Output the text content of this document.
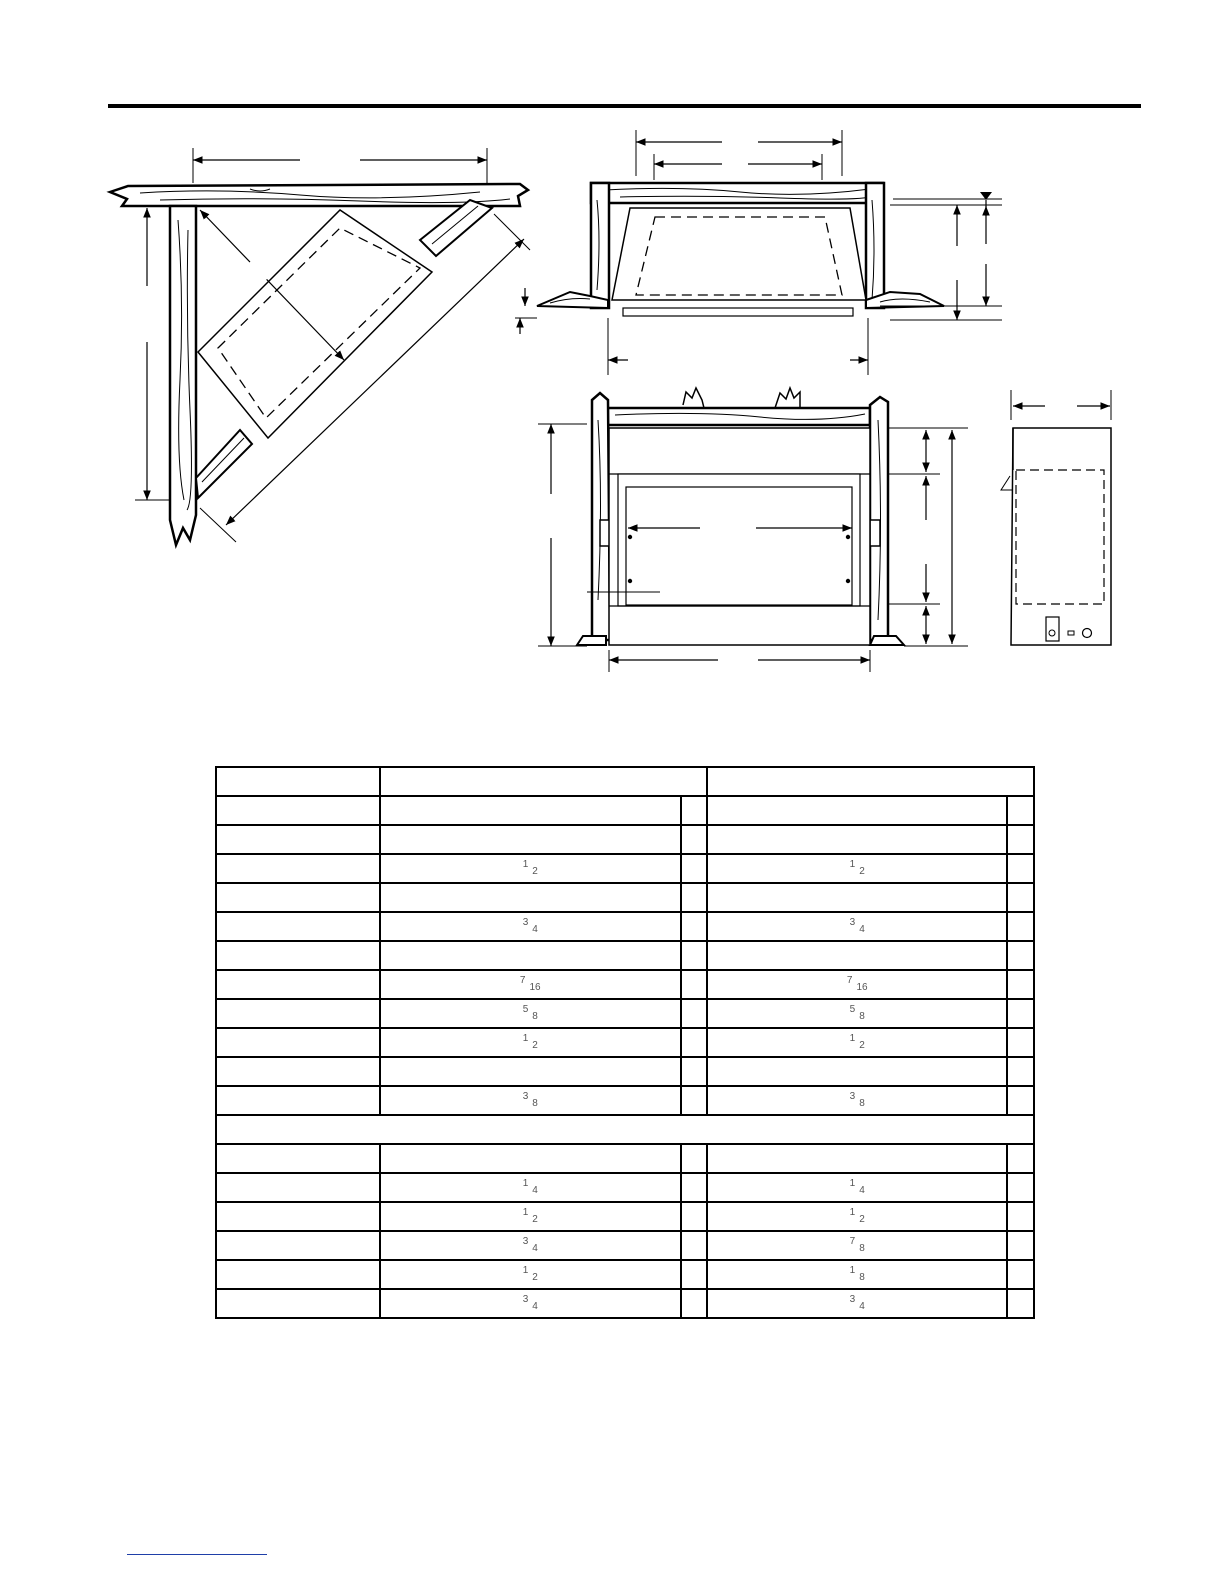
	12		12	

	34		34	

	716		716	
	58		58	
	12		12	

	38		38	

	14		14	
	12		12	
	34		78	
	12		18	
	34		34	
